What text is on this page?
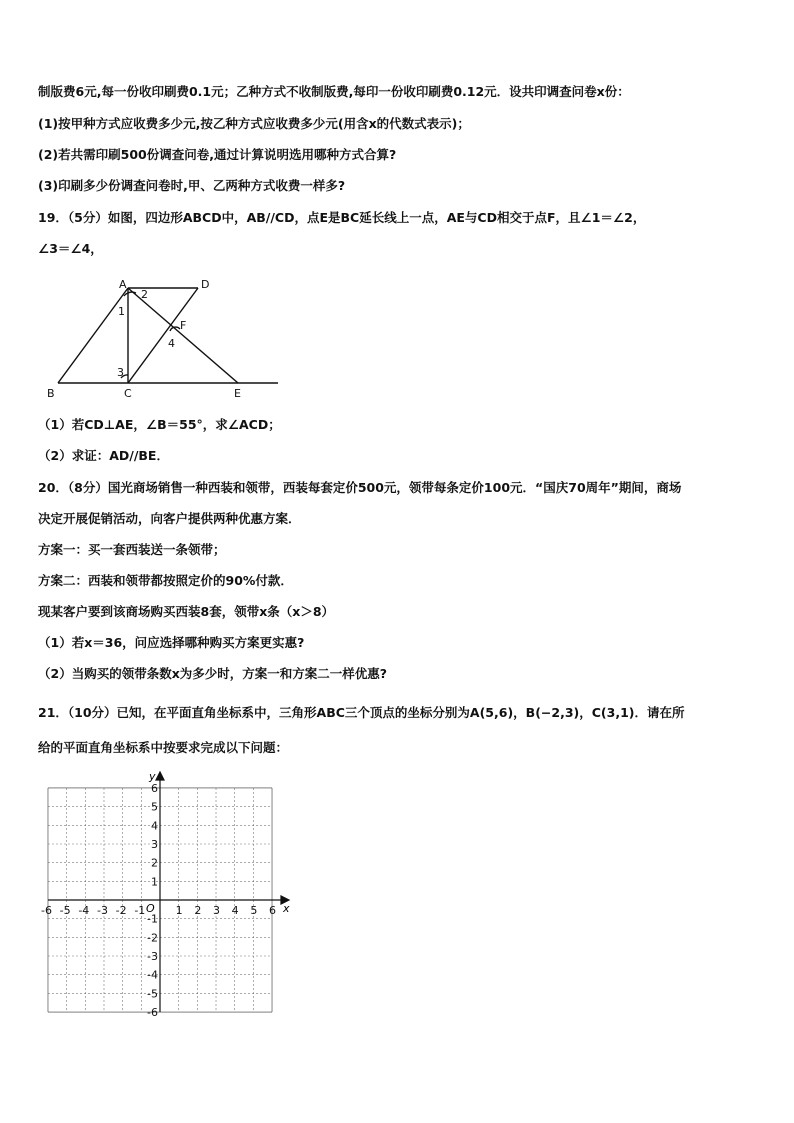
制版费6元,每一份收印刷费0.1元；乙种方式不收制版费,每印一份收印刷费0.12元．设共印调查问卷x份：
(1)按甲种方式应收费多少元,按乙种方式应收费多少元(用含x的代数式表示)；
(2)若共需印刷500份调查问卷,通过计算说明选用哪种方式合算?
(3)印刷多少份调查问卷时,甲、乙两种方式收费一样多?
19．（5分）如图，四边形ABCD中，AB//CD，点E是BC延长线上一点，AE与CD相交于点F，且∠1＝∠2，
∠3＝∠4，
A	D
B	C	E
F
1
2
3
4
（1）若CD⊥AE，∠B＝55°，求∠ACD；
（2）求证：AD//BE．
20．（8分）国光商场销售一种西装和领带，西装每套定价500元，领带每条定价100元．“国庆70周年”期间，商场
决定开展促销活动，向客户提供两种优惠方案．
方案一：买一套西装送一条领带；
方案二：西装和领带都按照定价的90%付款．
现某客户要到该商场购买西装8套，领带x条（x＞8）
（1）若x＝36，问应选择哪种购买方案更实惠?
（2）当购买的领带条数x为多少时，方案一和方案二一样优惠?
21．（10分）已知，在平面直角坐标系中，三角形ABC三个顶点的坐标分别为A(5,6)，B(−2,3)，C(3,1)．请在所
给的平面直角坐标系中按要求完成以下问题：
-6 -5 -4 -3 -2 -1	1 2 3 4 5 6
6
5
4
3
2
1
-1
-2
-3
-4
-5
-6
x
y
O
